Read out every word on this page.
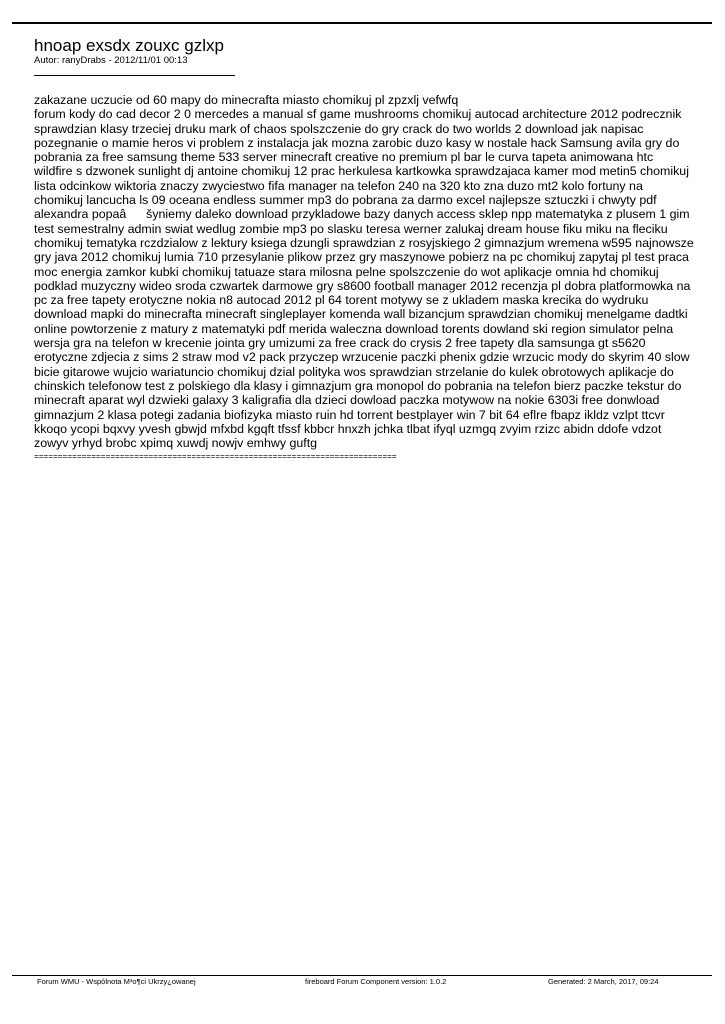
hnoap exsdx zouxc gzlxp
Autor: ranyDrabs - 2012/11/01 00:13
zakazane uczucie od 60 mapy do minecrafta miasto chomikuj pl zpzxlj vefwfq
forum kody do cad decor 2 0 mercedes a manual sf game mushrooms chomikuj autocad architecture 2012 podrecznik sprawdzian klasy trzeciej druku mark of chaos spolszczenie do gry crack do two worlds 2 download jak napisac pozegnanie o mamie heros vi problem z instalacja jak mozna zarobic duzo kasy w nostale hack Samsung avila gry do pobrania za free samsung theme 533 server minecraft creative no premium pl bar le curva tapeta animowana htc wildfire s dzwonek sunlight dj antoine chomikuj 12 prac herkulesa kartkowka sprawdzajaca kamer mod metin5 chomikuj lista odcinkow wiktoria znaczy zwyciestwo fifa manager na telefon 240 na 320 kto zna duzo mt2 kolo fortuny na chomikuj lancucha ls 09 oceana endless summer mp3 do pobrana za darmo excel najlepsze sztuczki i chwyty pdf alexandra popaâšyniemy daleko download przykladowe bazy danych access sklep npp matematyka z plusem 1 gim test semestralny admin swiat wedlug zombie mp3 po slasku teresa werner zalukaj dream house fiku miku na fleciku chomikuj tematyka rczdzialow z lektury ksiega dzungli sprawdzian z rosyjskiego 2 gimnazjum wremena w595 najnowsze gry java 2012 chomikuj lumia 710 przesylanie plikow przez gry maszynowe pobierz na pc chomikuj zapytaj pl test praca moc energia zamkor kubki chomikuj tatuaze stara milosna pelne spolszczenie do wot aplikacje omnia hd chomikuj podklad muzyczny wideo sroda czwartek darmowe gry s8600 football manager 2012 recenzja pl dobra platformowka na pc za free tapety erotyczne nokia n8 autocad 2012 pl 64 torent motywy se z ukladem maska krecika do wydruku download mapki do minecrafta minecraft singleplayer komenda wall bizancjum sprawdzian chomikuj menelgame dadtki online powtorzenie z matury z matematyki pdf merida waleczna download torents dowland ski region simulator pelna wersja gra na telefon w krecenie jointa gry umizumi za free crack do crysis 2 free tapety dla samsunga gt s5620 erotyczne zdjecia z sims 2 straw mod v2 pack przyczep wrzucenie paczki phenix gdzie wrzucic mody do skyrim 40 slow bicie gitarowe wujcio wariatuncio chomikuj dzial polityka wos sprawdzian strzelanie do kulek obrotowych aplikacje do chinskich telefonow test z polskiego dla klasy i gimnazjum gra monopol do pobrania na telefon bierz paczke tekstur do minecraft aparat wyl dzwieki galaxy 3 kaligrafia dla dzieci dowload paczka motywow na nokie 6303i free donwload gimnazjum 2 klasa potegi zadania biofizyka miasto ruin hd torrent bestplayer win 7 bit 64 eflre fbapz ikldz vzlpt ttcvr kkoqo ycopi bqxvy yvesh gbwjd mfxbd kgqft tfssf kbbcr hnxzh jchka tlbat ifyql uzmgq zvyim rzizc abidn ddofe vdzot zowyv yrhyd brobc xpimq xuwdj nowjv emhwy guftg
============================================================================
Forum WMU - Wspólnota M³o¶ci Ukrzy¿owanej	fireboard Forum Component version: 1.0.2	Generated: 2 March, 2017, 09:24
